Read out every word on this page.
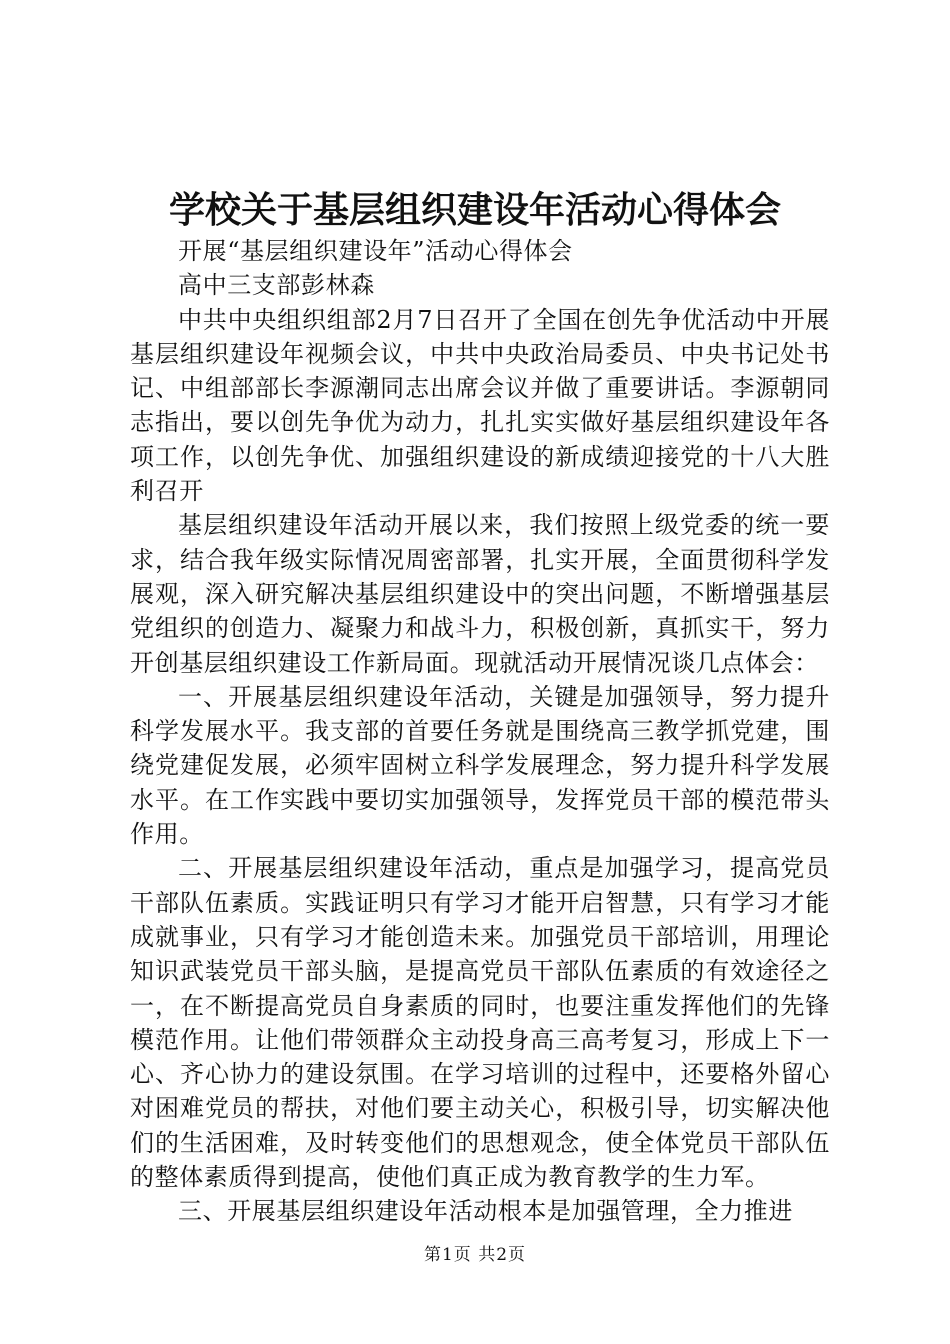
学校关于基层组织建设年活动心得体会

开展“基层组织建设年”活动心得体会

高中三支部彭林森

中共中央组织组部2月7日召开了全国在创先争优活动中开展基层组织建设年视频会议，中共中央政治局委员、中央书记处书记、中组部部长李源潮同志出席会议并做了重要讲话。李源朝同志指出，要以创先争优为动力，扎扎实实做好基层组织建设年各项工作，以创先争优、加强组织建设的新成绩迎接党的十八大胜利召开

基层组织建设年活动开展以来，我们按照上级党委的统一要求，结合我年级实际情况周密部署，扎实开展，全面贯彻科学发展观，深入研究解决基层组织建设中的突出问题，不断增强基层党组织的创造力、凝聚力和战斗力，积极创新，真抓实干，努力开创基层组织建设工作新局面。现就活动开展情况谈几点体会：

一、开展基层组织建设年活动，关键是加强领导，努力提升科学发展水平。我支部的首要任务就是围绕高三教学抓党建，围绕党建促发展，必须牢固树立科学发展理念，努力提升科学发展水平。在工作实践中要切实加强领导，发挥党员干部的模范带头作用。

二、开展基层组织建设年活动，重点是加强学习，提高党员干部队伍素质。实践证明只有学习才能开启智慧，只有学习才能成就事业，只有学习才能创造未来。加强党员干部培训，用理论知识武装党员干部头脑，是提高党员干部队伍素质的有效途径之一，在不断提高党员自身素质的同时，也要注重发挥他们的先锋模范作用。让他们带领群众主动投身高三高考复习，形成上下一心、齐心协力的建设氛围。在学习培训的过程中，还要格外留心对困难党员的帮扶，对他们要主动关心，积极引导，切实解决他们的生活困难，及时转变他们的思想观念，使全体党员干部队伍的整体素质得到提高，使他们真正成为教育教学的生力军。

三、开展基层组织建设年活动根本是加强管理，全力推进

第1页 共2页
